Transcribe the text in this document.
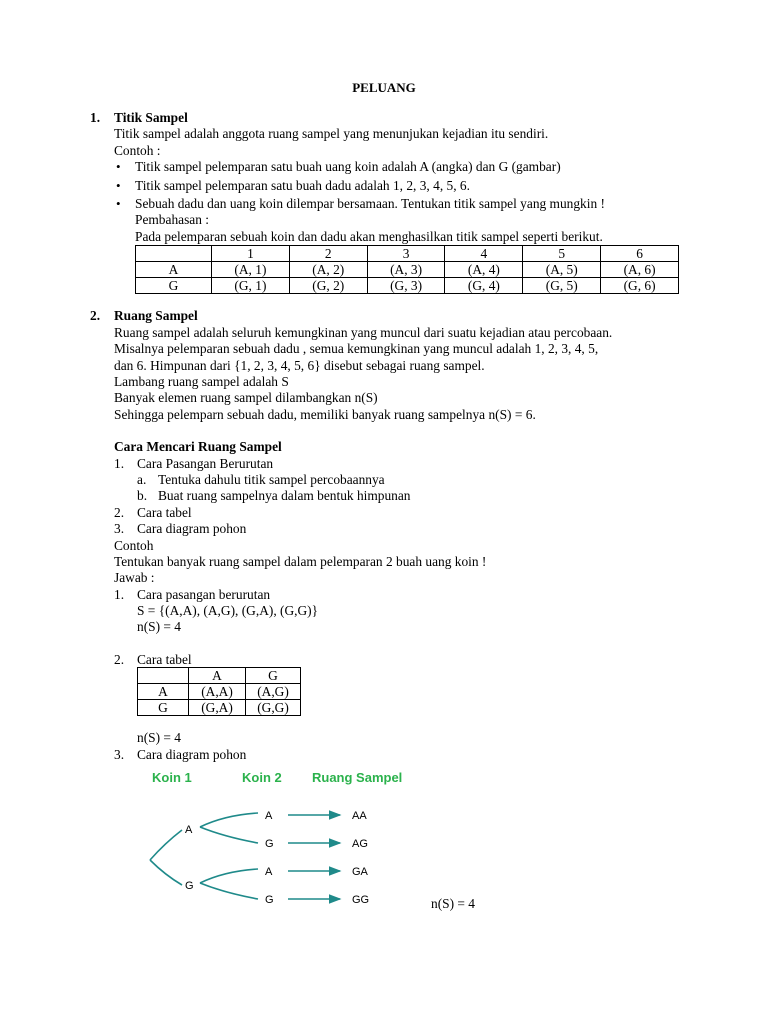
PELUANG
1. Titik Sampel
Titik sampel adalah anggota ruang sampel yang menunjukan kejadian itu sendiri.
Contoh :
• Titik sampel pelemparan satu buah uang koin adalah A (angka) dan G (gambar)
• Titik sampel pelemparan satu buah dadu adalah 1, 2, 3, 4, 5, 6.
• Sebuah dadu dan uang koin dilempar bersamaan. Tentukan titik sampel yang mungkin !
Pembahasan :
Pada pelemparan sebuah koin dan dadu akan menghasilkan titik sampel seperti berikut.
	1	2	3	4	5	6
A	(A, 1)	(A, 2)	(A, 3)	(A, 4)	(A, 5)	(A, 6)
G	(G, 1)	(G, 2)	(G, 3)	(G, 4)	(G, 5)	(G, 6)
2. Ruang Sampel
Ruang sampel adalah seluruh kemungkinan yang muncul dari suatu kejadian atau percobaan.
Misalnya pelemparan sebuah dadu , semua kemungkinan yang muncul adalah 1, 2, 3, 4, 5,
dan 6. Himpunan dari {1, 2, 3, 4, 5, 6} disebut sebagai ruang sampel.
Lambang ruang sampel adalah S
Banyak elemen ruang sampel dilambangkan n(S)
Sehingga pelemparn sebuah dadu, memiliki banyak ruang sampelnya n(S) = 6.
Cara Mencari Ruang Sampel
1. Cara Pasangan Berurutan
a. Tentuka dahulu titik sampel percobaannya
b. Buat ruang sampelnya dalam bentuk himpunan
2. Cara tabel
3. Cara diagram pohon
Contoh
Tentukan banyak ruang sampel dalam pelemparan 2 buah uang koin !
Jawab :
1. Cara pasangan berurutan
S = {(A,A), (A,G), (G,A), (G,G)}
n(S) = 4
2. Cara tabel
	A	G
A	(A,A)	(A,G)
G	(G,A)	(G,G)
n(S) = 4
3. Cara diagram pohon
Koin 1	Koin 2 Ruang Sampel
A
G
A
G
A
G
AA
AG
GA
GG	n(S) = 4
